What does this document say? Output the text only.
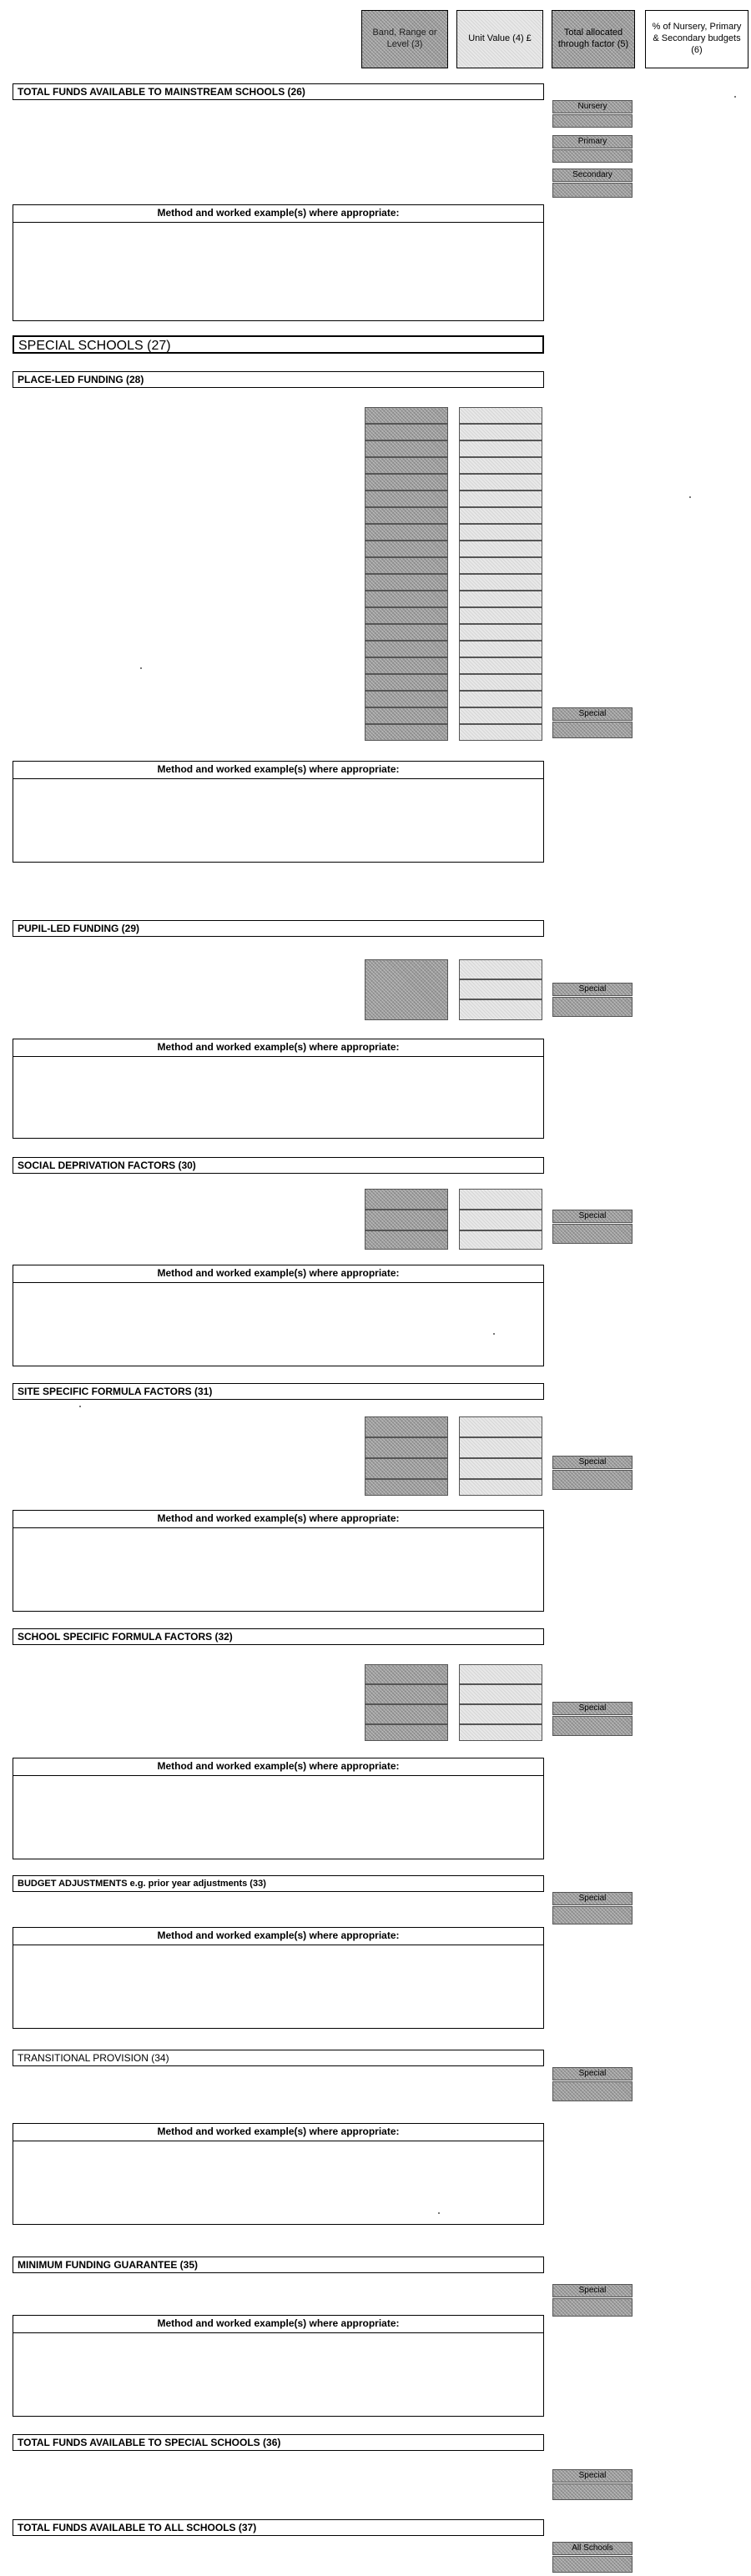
Band, Range or Level (3)
Unit Value (4) £
Total allocated through factor (5)
% of Nursery, Primary & Secondary budgets (6)
TOTAL FUNDS AVAILABLE TO MAINSTREAM SCHOOLS (26)
Nursery
Primary
Secondary
Method and worked example(s) where appropriate:
SPECIAL SCHOOLS (27)
PLACE-LED FUNDING (28)
Special
Method and worked example(s) where appropriate:
PUPIL-LED FUNDING (29)
Special
Method and worked example(s) where appropriate:
SOCIAL DEPRIVATION FACTORS (30)
Special
Method and worked example(s) where appropriate:
SITE SPECIFIC FORMULA FACTORS (31)
Special
Method and worked example(s) where appropriate:
SCHOOL SPECIFIC FORMULA FACTORS (32)
Special
Method and worked example(s) where appropriate:
BUDGET ADJUSTMENTS e.g. prior year adjustments (33)
Special
Method and worked example(s) where appropriate:
TRANSITIONAL PROVISION (34)
Special
Method and worked example(s) where appropriate:
MINIMUM FUNDING GUARANTEE (35)
Special
Method and worked example(s) where appropriate:
TOTAL FUNDS AVAILABLE TO SPECIAL SCHOOLS (36)
Special
TOTAL FUNDS AVAILABLE TO ALL SCHOOLS (37)
All Schools
